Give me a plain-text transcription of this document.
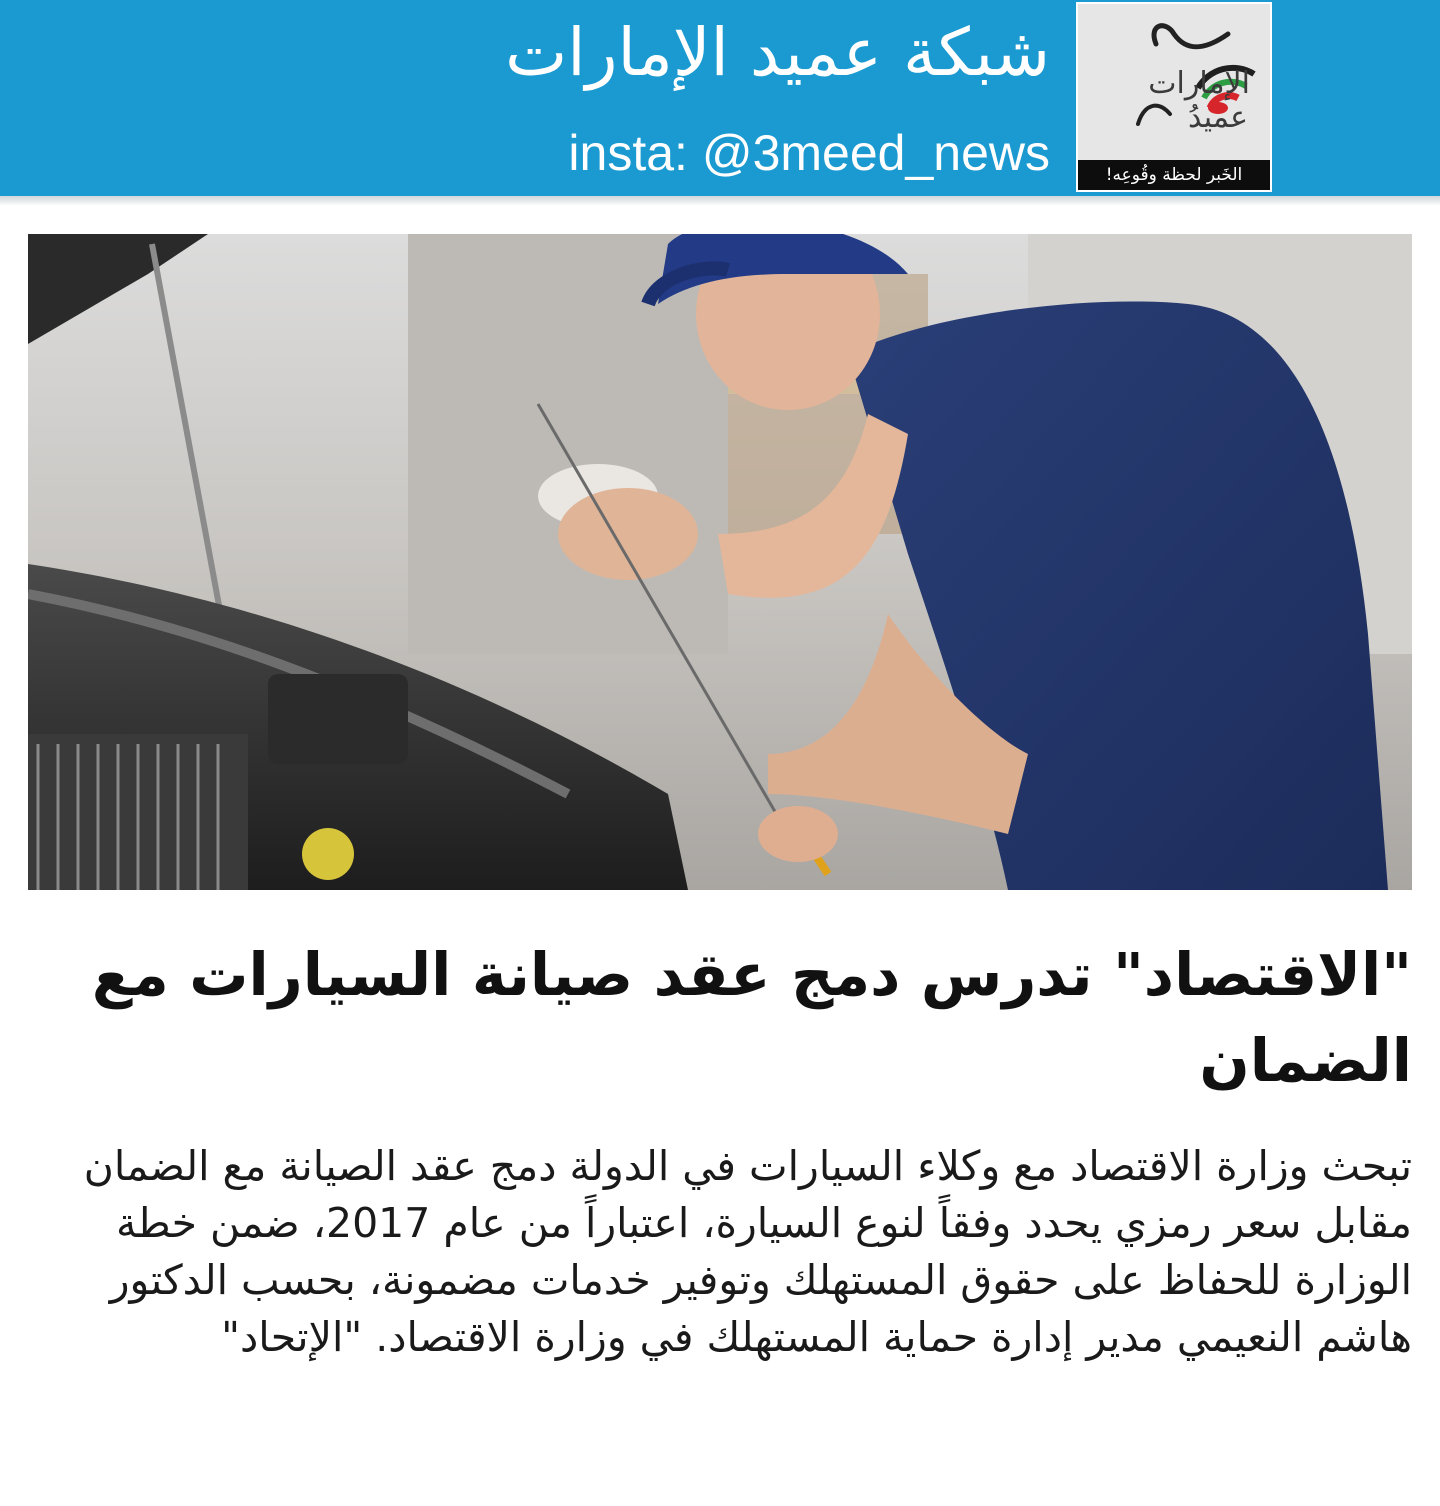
شبكة عميد الإمارات
insta: @3meed_news
الإمارات
عميدُ
الخَبر لحظة وقُوعِه!
"الاقتصاد" تدرس دمج عقد صيانة السيارات مع الضمان
تبحث وزارة الاقتصاد مع وكلاء السيارات في الدولة دمج عقد الصيانة مع الضمان مقابل سعر رمزي يحدد وفقاً لنوع السيارة، اعتباراً من عام 2017، ضمن خطة الوزارة للحفاظ على حقوق المستهلك وتوفير خدمات مضمونة، بحسب الدكتور هاشم النعيمي مدير إدارة حماية المستهلك في وزارة الاقتصاد. "الإتحاد"
